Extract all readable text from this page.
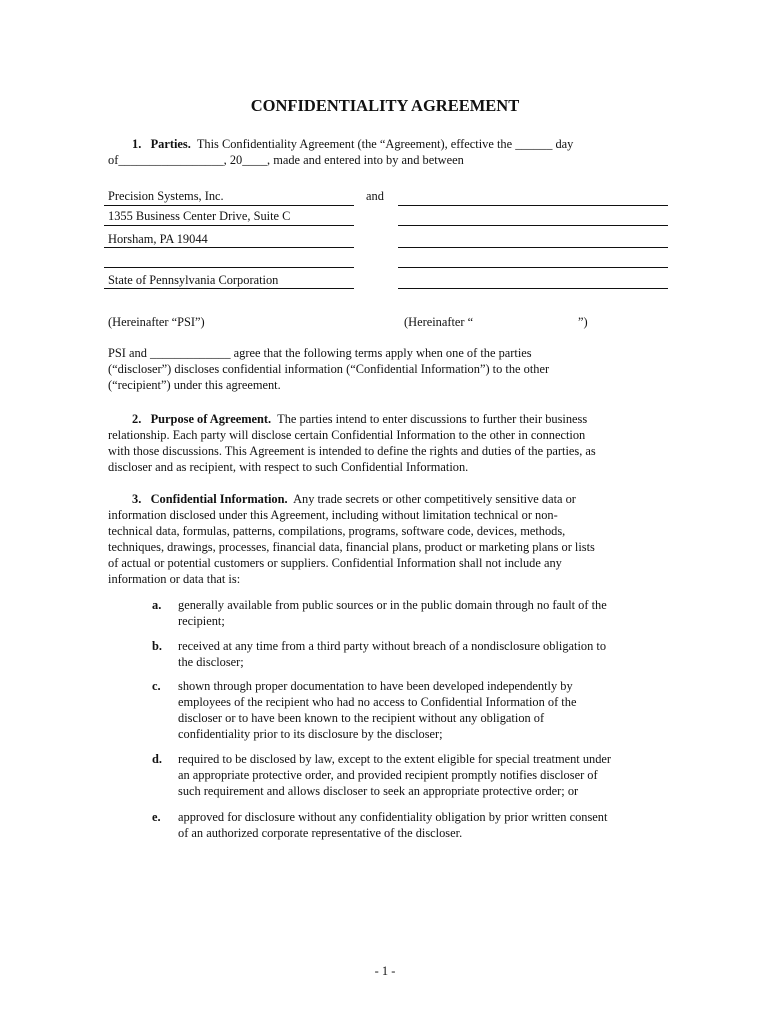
CONFIDENTIALITY AGREEMENT
1. Parties. This Confidentiality Agreement (the “Agreement), effective the ______ day
of_________________, 20____, made and entered into by and between
Precision Systems, Inc.
1355 Business Center Drive, Suite C
Horsham, PA 19044
State of Pennsylvania Corporation
and
(Hereinafter “PSI”)	(Hereinafter “	”)
PSI and _____________ agree that the following terms apply when one of the parties
(“discloser”) discloses confidential information (“Confidential Information”) to the other
(“recipient”) under this agreement.
2. Purpose of Agreement. The parties intend to enter discussions to further their business
relationship. Each party will disclose certain Confidential Information to the other in connection
with those discussions. This Agreement is intended to define the rights and duties of the parties, as
discloser and as recipient, with respect to such Confidential Information.
3. Confidential Information. Any trade secrets or other competitively sensitive data or
information disclosed under this Agreement, including without limitation technical or non-
technical data, formulas, patterns, compilations, programs, software code, devices, methods,
techniques, drawings, processes, financial data, financial plans, product or marketing plans or lists
of actual or potential customers or suppliers. Confidential Information shall not include any
information or data that is:
a.	generally available from public sources or in the public domain through no fault of the
recipient;
b.	received at any time from a third party without breach of a nondisclosure obligation to
the discloser;
c.	shown through proper documentation to have been developed independently by
employees of the recipient who had no access to Confidential Information of the
discloser or to have been known to the recipient without any obligation of
confidentiality prior to its disclosure by the discloser;
d.	required to be disclosed by law, except to the extent eligible for special treatment under
an appropriate protective order, and provided recipient promptly notifies discloser of
such requirement and allows discloser to seek an appropriate protective order; or
e.	approved for disclosure without any confidentiality obligation by prior written consent
of an authorized corporate representative of the discloser.
- 1 -
